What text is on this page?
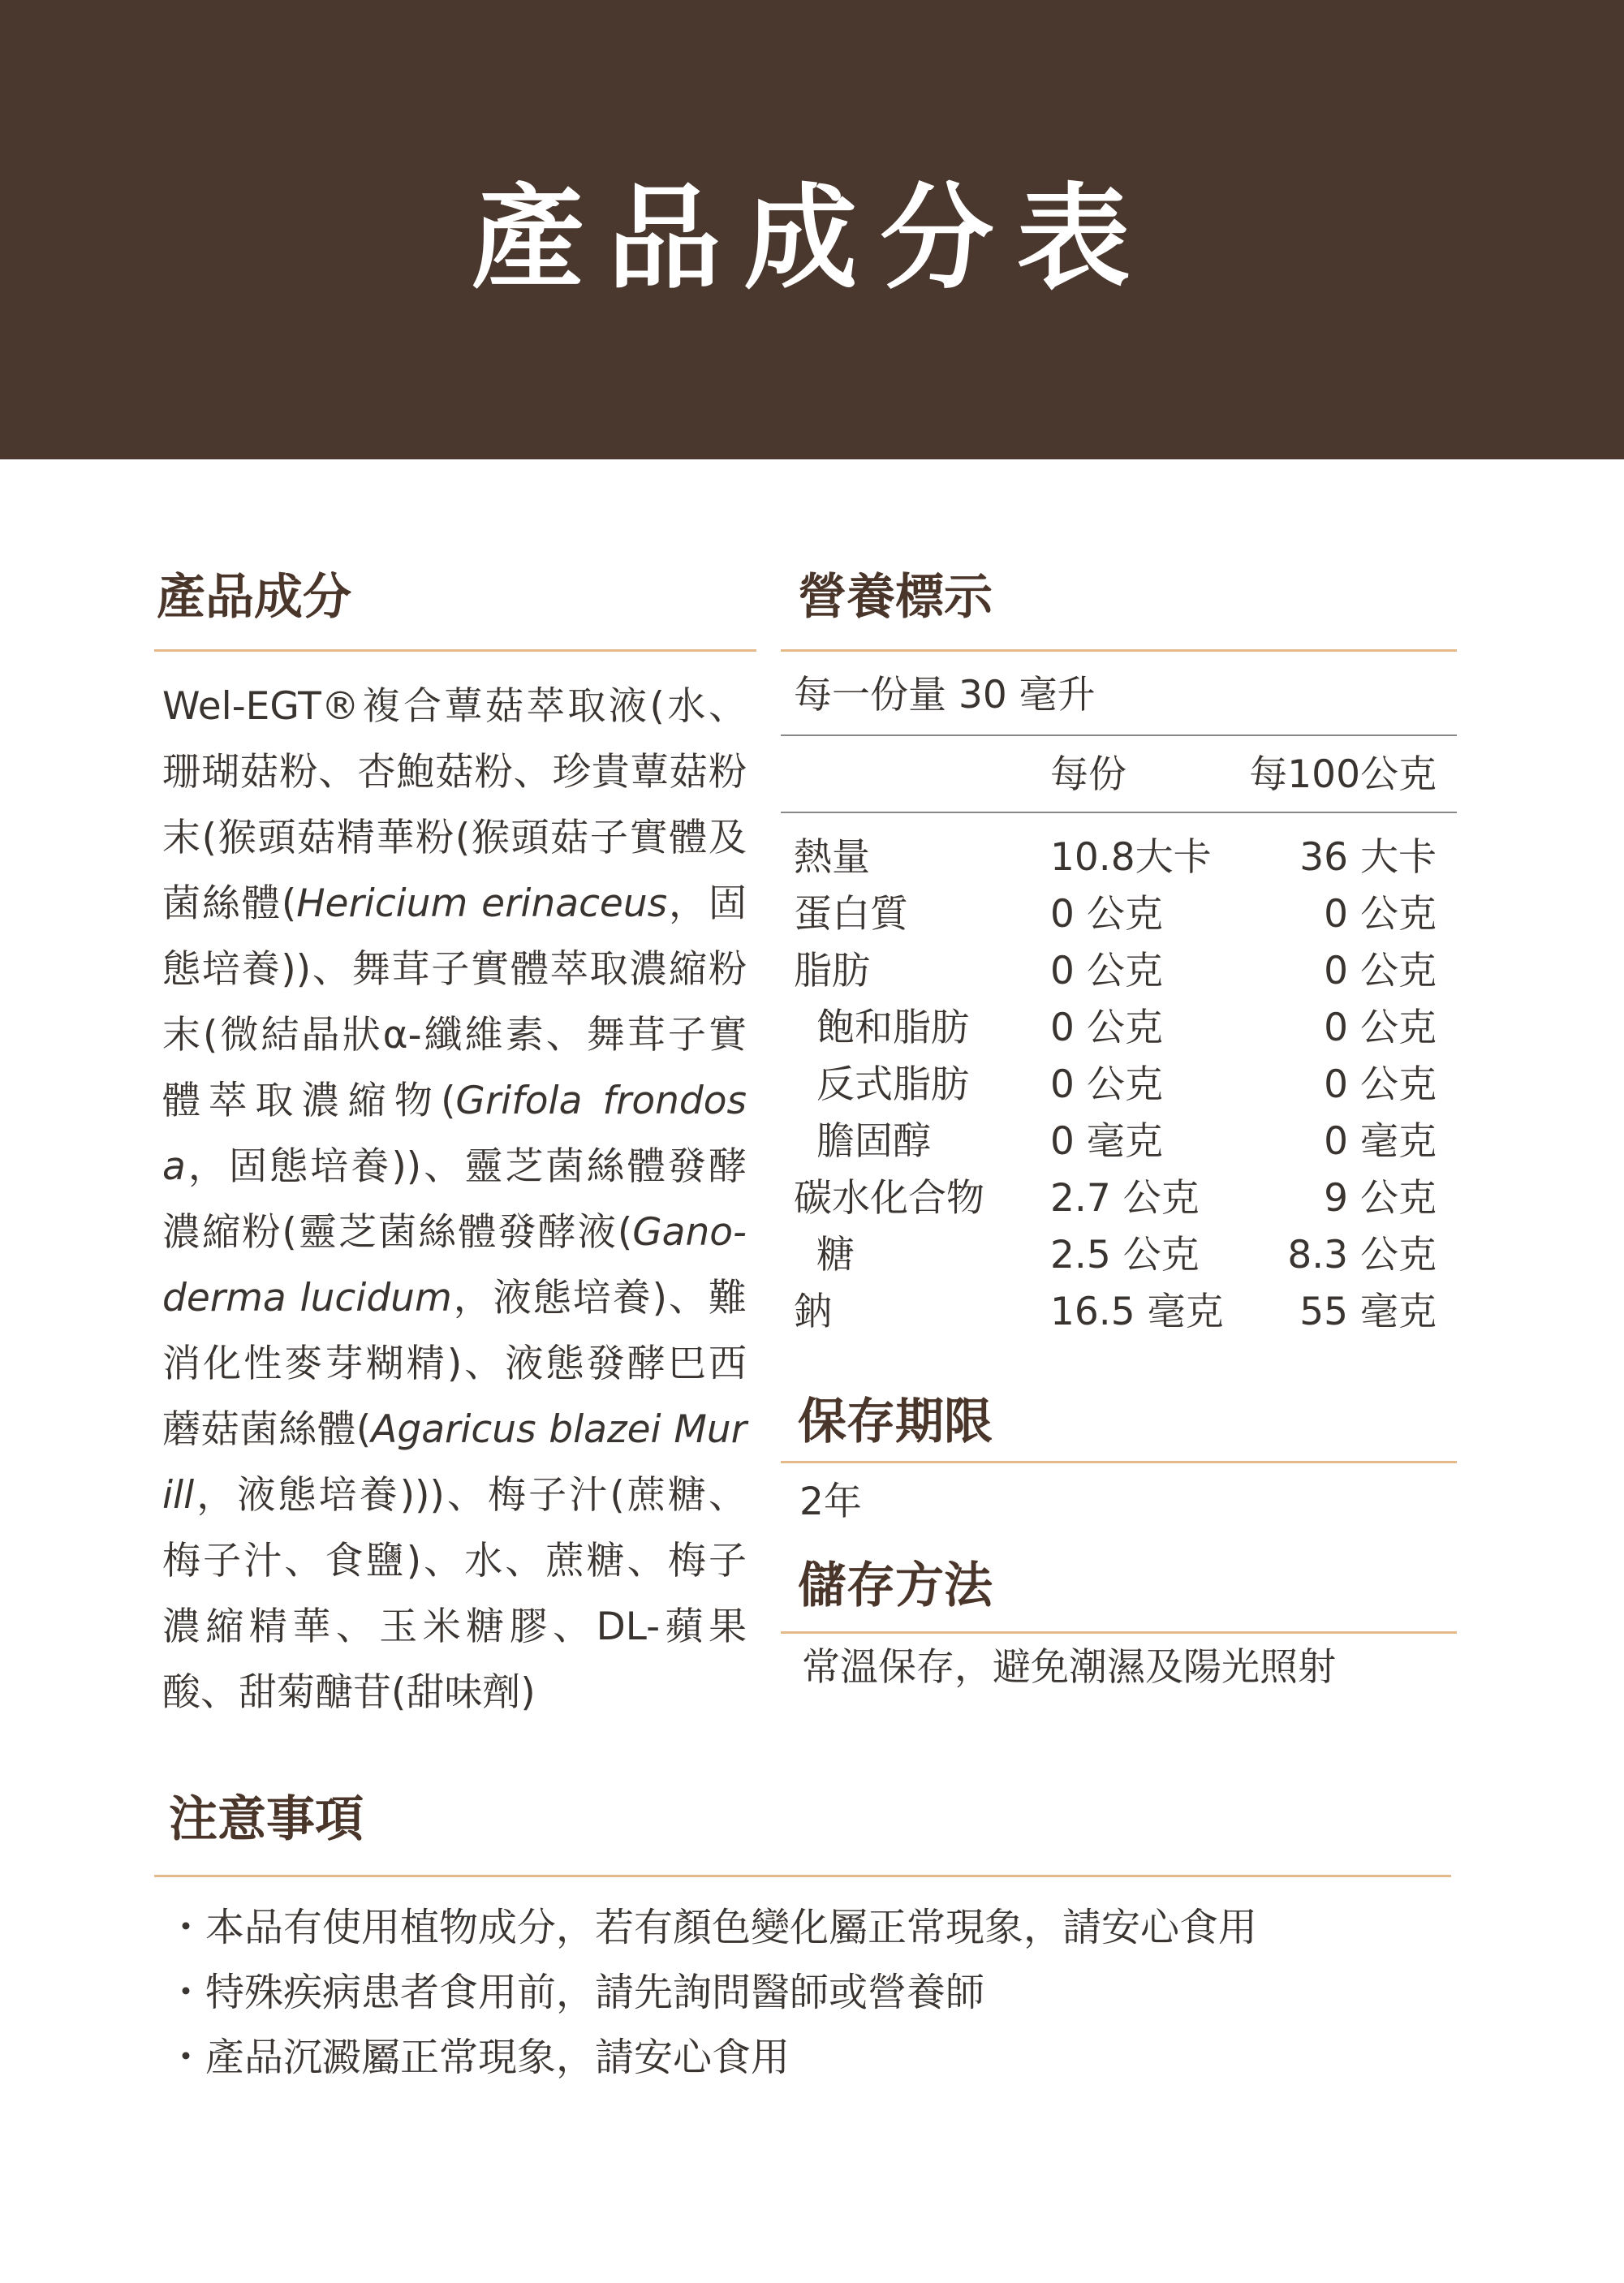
產品成分表
產品成分
Wel-EGT®複合蕈菇萃取液(水、珊瑚菇粉、杏鮑菇粉、珍貴蕈菇粉末(猴頭菇精華粉(猴頭菇子實體及菌絲體(Hericium erinaceus，固態培養))、舞茸子實體萃取濃縮粉末(微結晶狀α-纖維素、舞茸子實體萃取濃縮物(Grifola frondosa，固態培養))、靈芝菌絲體發酵濃縮粉(靈芝菌絲體發酵液(Gano-derma lucidum，液態培養)、難消化性麥芽糊精)、液態發酵巴西蘑菇菌絲體(Agaricus blazei Murill，液態培養)))、梅子汁(蔗糖、梅子汁、食鹽)、水、蔗糖、梅子濃縮精華、玉米糖膠、DL-蘋果酸、甜菊醣苷(甜味劑)
營養標示
每一份量 30 毫升
每份	每100公克
熱量	10.8大卡 36 大卡
蛋白質	0 公克	0 公克
脂肪	0 公克	0 公克
飽和脂肪 0 公克	0 公克
反式脂肪 0 公克	0 公克
膽固醇	0 毫克	0 毫克
碳水化合物 2.7 公克	9 公克
糖	2.5 公克 8.3 公克
鈉	16.5 毫克 55 毫克
保存期限
2年
儲存方法
常溫保存，避免潮濕及陽光照射
注意事項
・本品有使用植物成分，若有顏色變化屬正常現象，請安心食用
・特殊疾病患者食用前，請先詢問醫師或營養師
・產品沉澱屬正常現象，請安心食用
